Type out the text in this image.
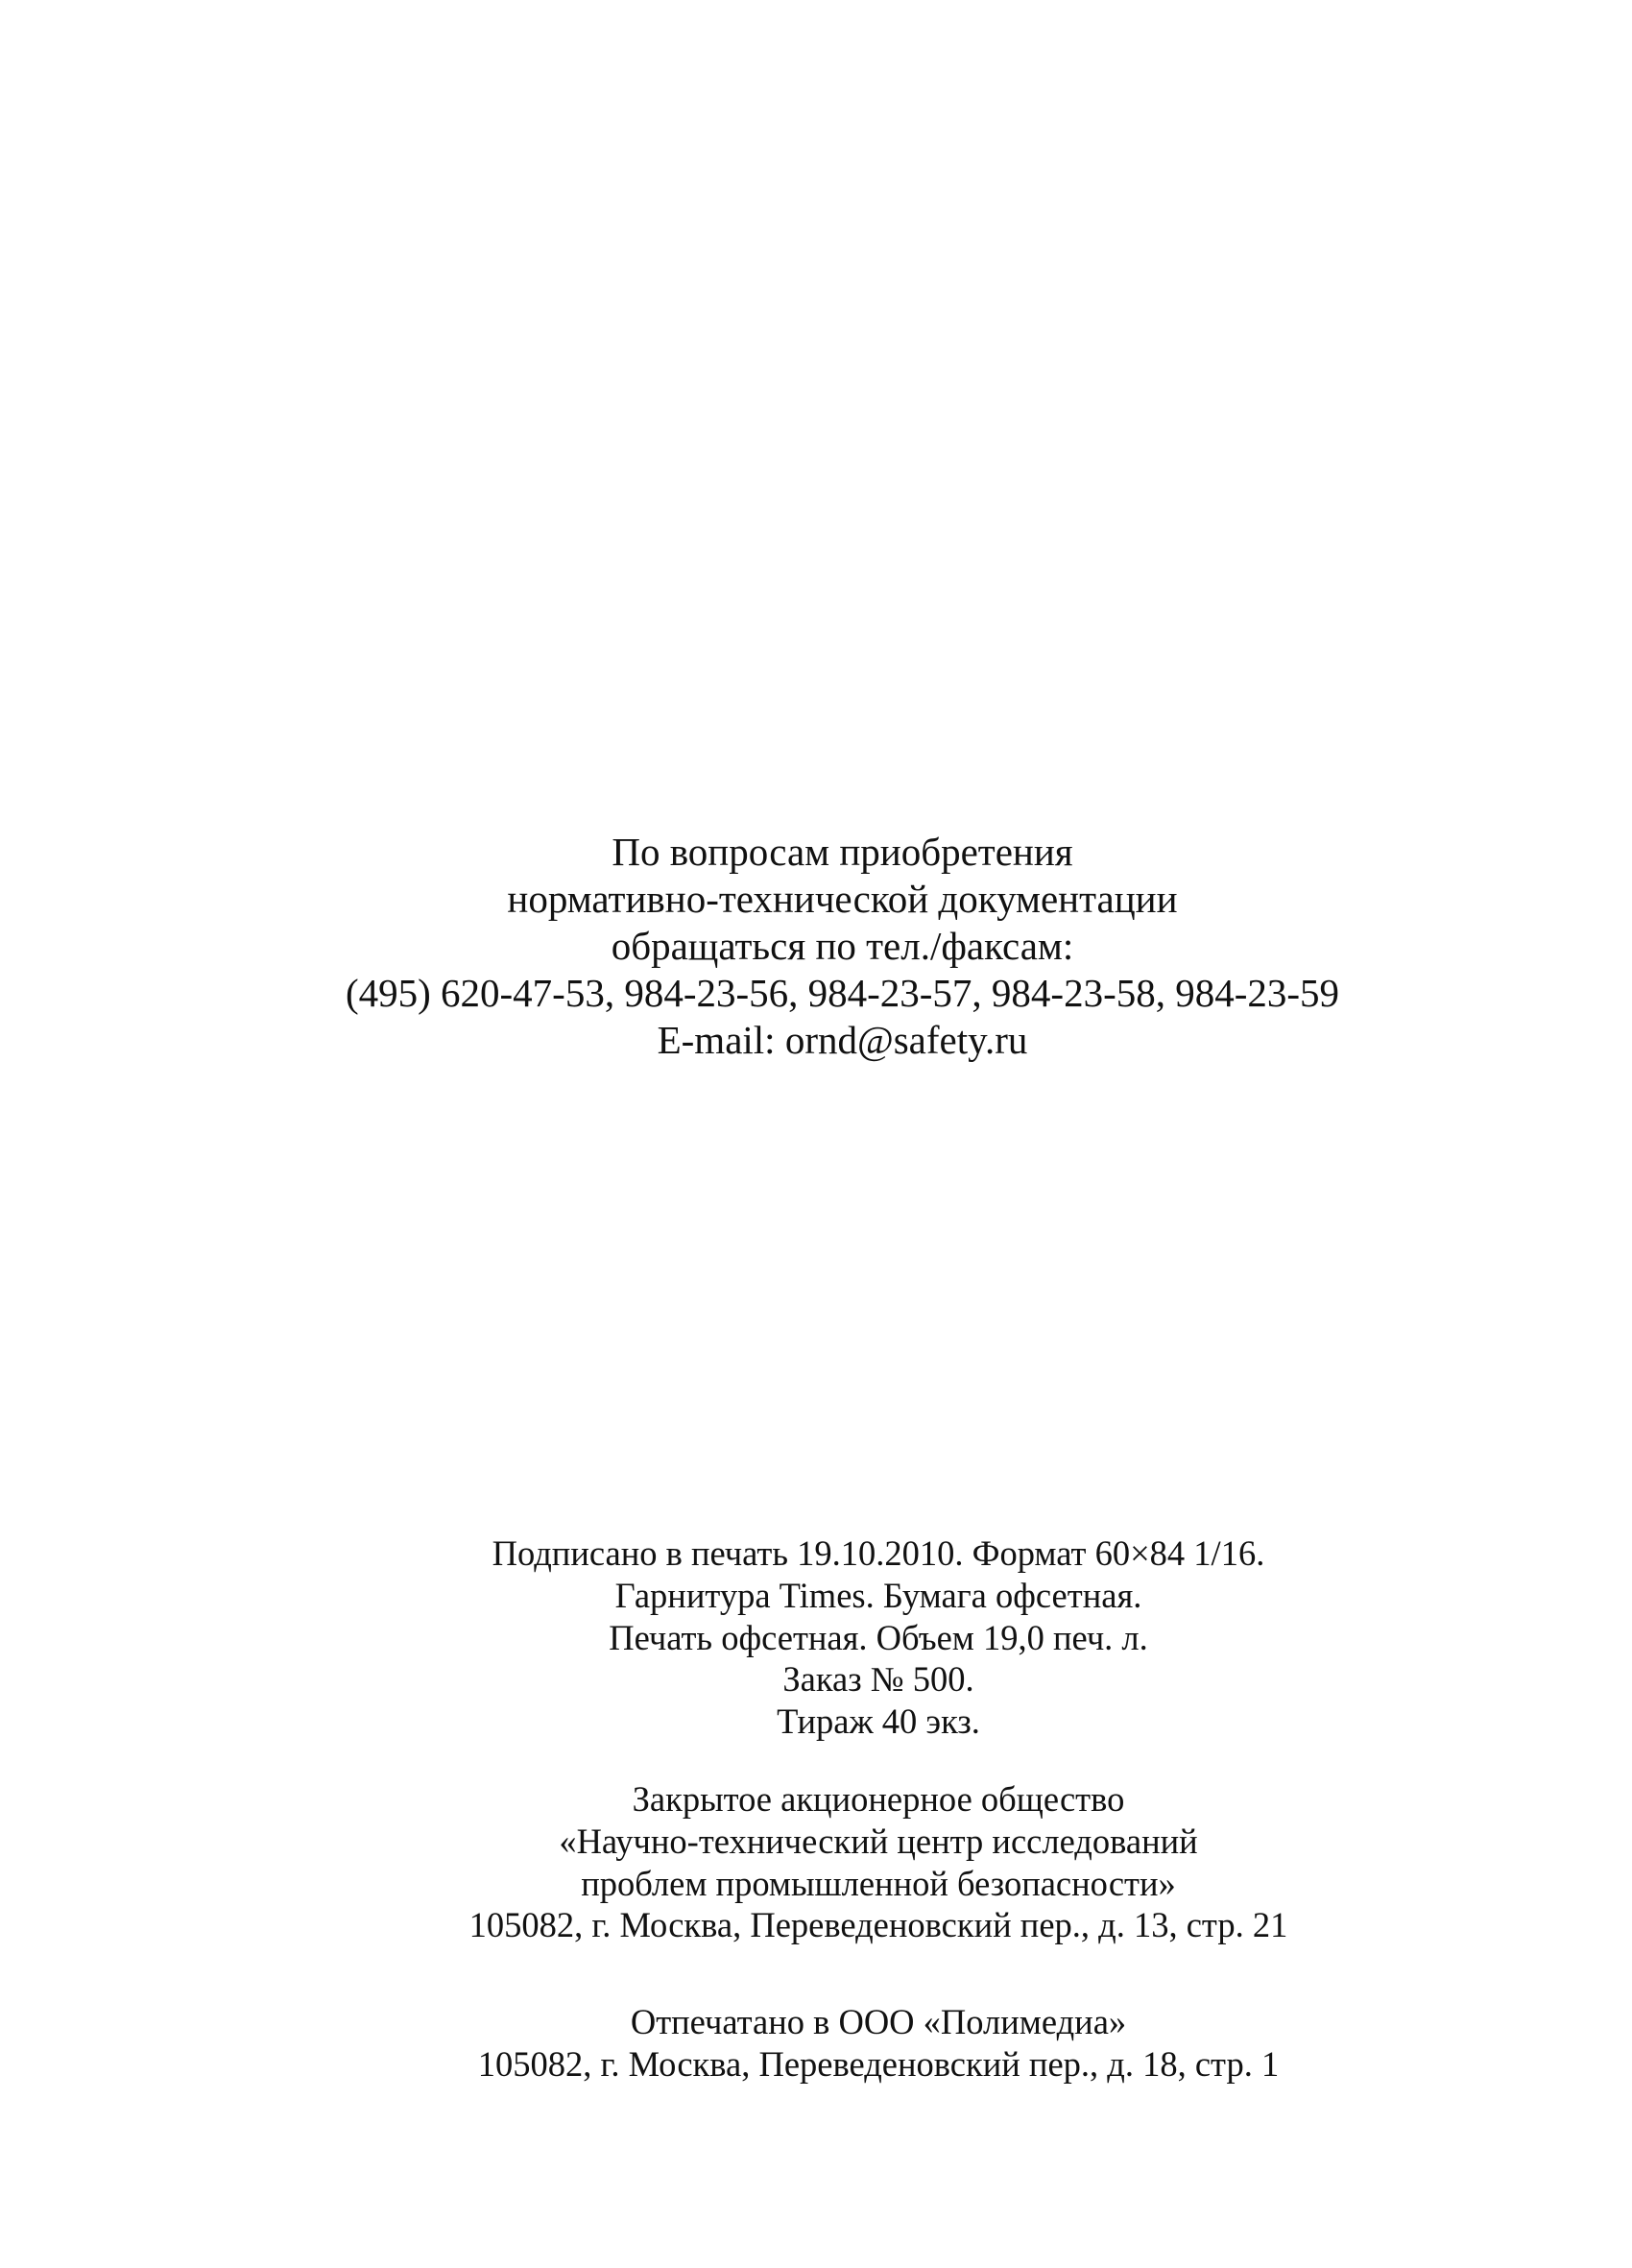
По вопросам приобретения
нормативно-технической документации
обращаться по тел./факсам:
(495) 620-47-53, 984-23-56, 984-23-57, 984-23-58, 984-23-59
E-mail: ornd@safety.ru
Подписано в печать 19.10.2010. Формат 60×84 1/16.
Гарнитура Times. Бумага офсетная.
Печать офсетная. Объем 19,0 печ. л.
Заказ № 500.
Тираж 40 экз.
Закрытое акционерное общество
«Научно-технический центр исследований
проблем промышленной безопасности»
105082, г. Москва, Переведеновский пер., д. 13, стр. 21
Отпечатано в ООО «Полимедиа»
105082, г. Москва, Переведеновский пер., д. 18, стр. 1
